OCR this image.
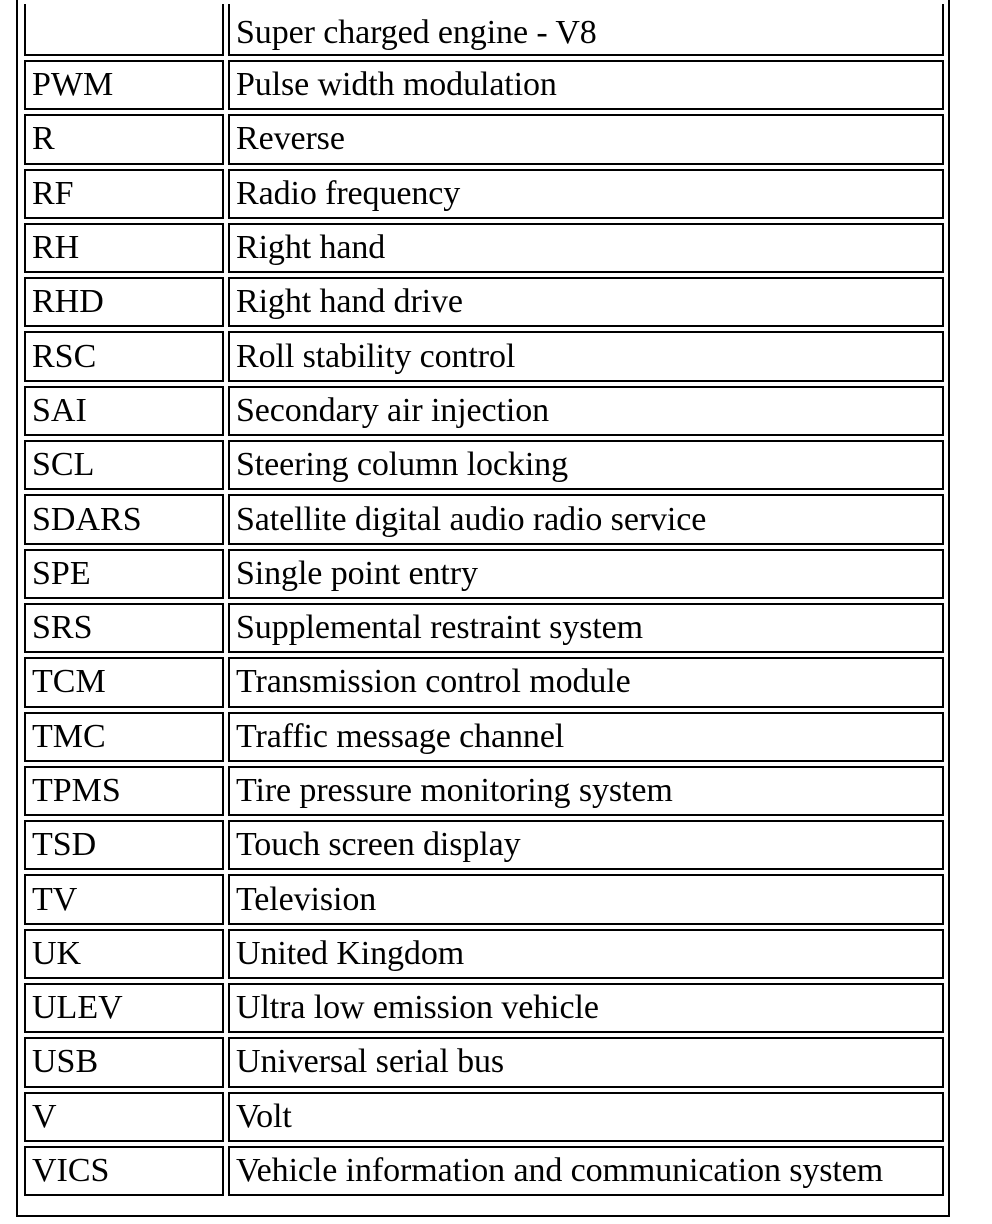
	Super charged engine - V8
PWM	Pulse width modulation
R	Reverse
RF	Radio frequency
RH	Right hand
RHD	Right hand drive
RSC	Roll stability control
SAI	Secondary air injection
SCL	Steering column locking
SDARS	Satellite digital audio radio service
SPE	Single point entry
SRS	Supplemental restraint system
TCM	Transmission control module
TMC	Traffic message channel
TPMS	Tire pressure monitoring system
TSD	Touch screen display
TV	Television
UK	United Kingdom
ULEV	Ultra low emission vehicle
USB	Universal serial bus
V	Volt
VICS	Vehicle information and communication system
